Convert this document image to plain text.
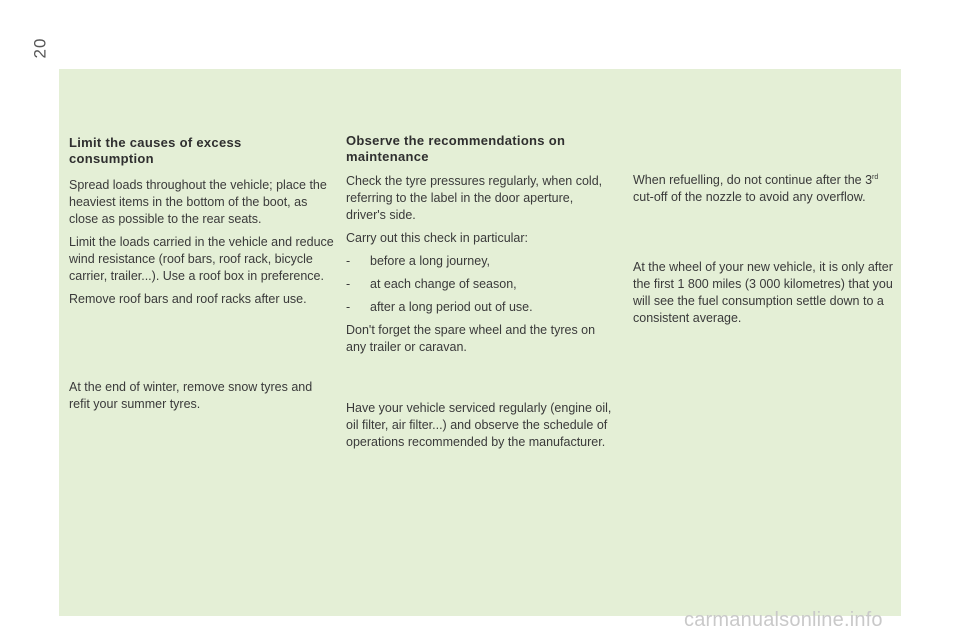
20
Limit the causes of excess consumption

Spread loads throughout the vehicle; place the heaviest items in the bottom of the boot, as close as possible to the rear seats.

Limit the loads carried in the vehicle and reduce wind resistance (roof bars, roof rack, bicycle carrier, trailer...). Use a roof box in preference.

Remove roof bars and roof racks after use.

At the end of winter, remove snow tyres and refit your summer tyres.

Observe the recommendations on maintenance

Check the tyre pressures regularly, when cold, referring to the label in the door aperture, driver's side.

Carry out this check in particular:

-	before a long journey,
-	at each change of season,
-	after a long period out of use.

Don't forget the spare wheel and the tyres on any trailer or caravan.

Have your vehicle serviced regularly (engine oil, oil filter, air filter...) and observe the schedule of operations recommended by the manufacturer.

When refuelling, do not continue after the 3rd cut-off of the nozzle to avoid any overflow.

At the wheel of your new vehicle, it is only after the first 1 800 miles (3 000 kilometres) that you will see the fuel consumption settle down to a consistent average.

carmanualsonline.info
